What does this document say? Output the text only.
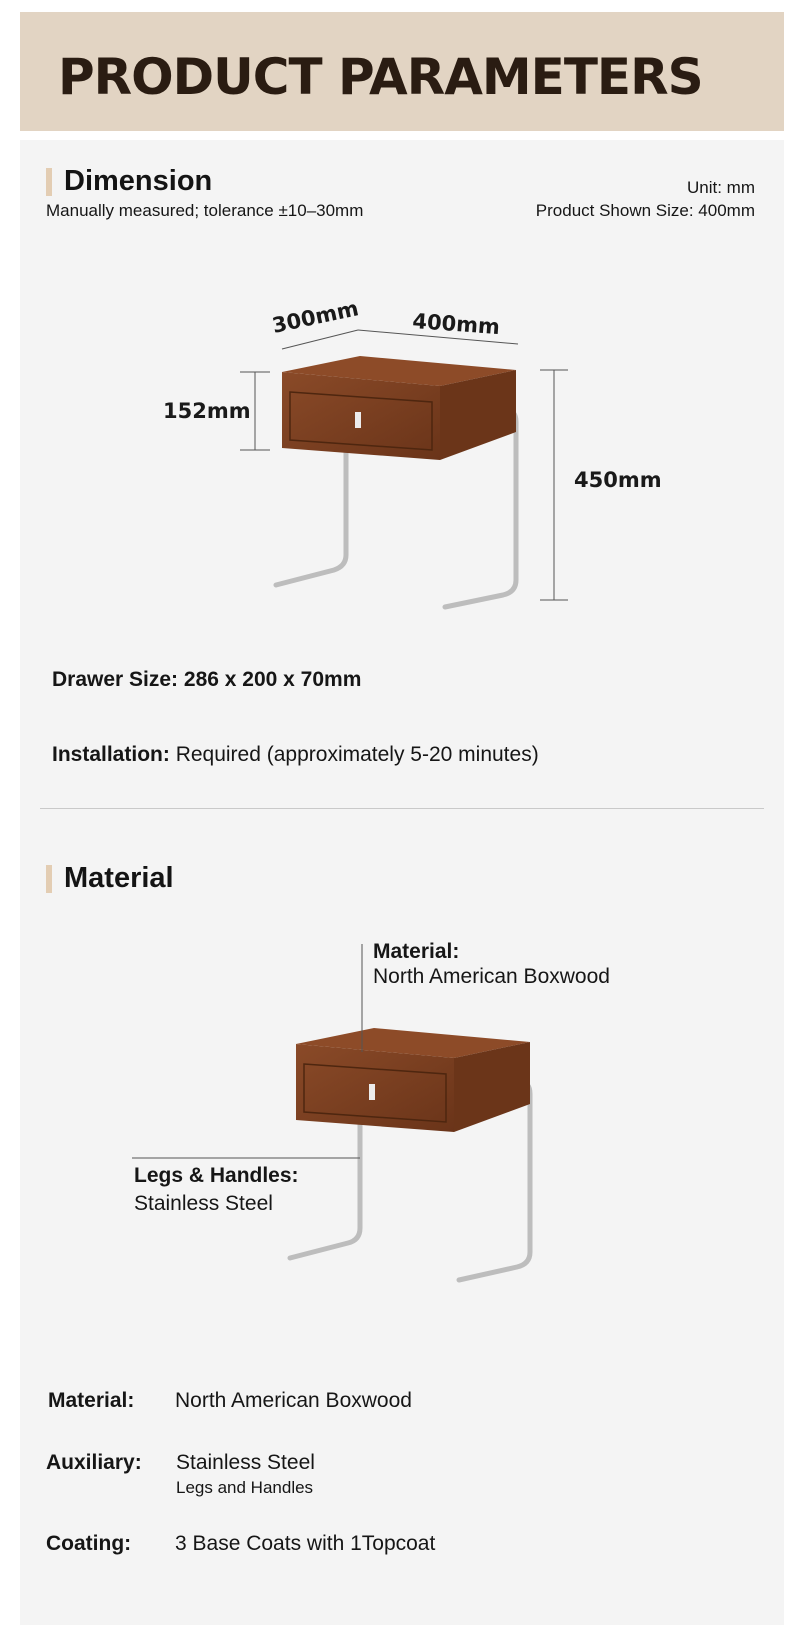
PRODUCT PARAMETERS
Dimension
Manually measured; tolerance ±10–30mm
Unit: mm
Product Shown Size: 400mm
300mm 400mm
152mm
450mm
Drawer Size: 286 x 200 x 70mm
Installation: Required (approximately 5-20 minutes)
Material
Material:
North American Boxwood
Legs & Handles:
Stainless Steel
Material: North American Boxwood
Auxiliary: Stainless Steel
Legs and Handles
Coating: 3 Base Coats with 1Topcoat
